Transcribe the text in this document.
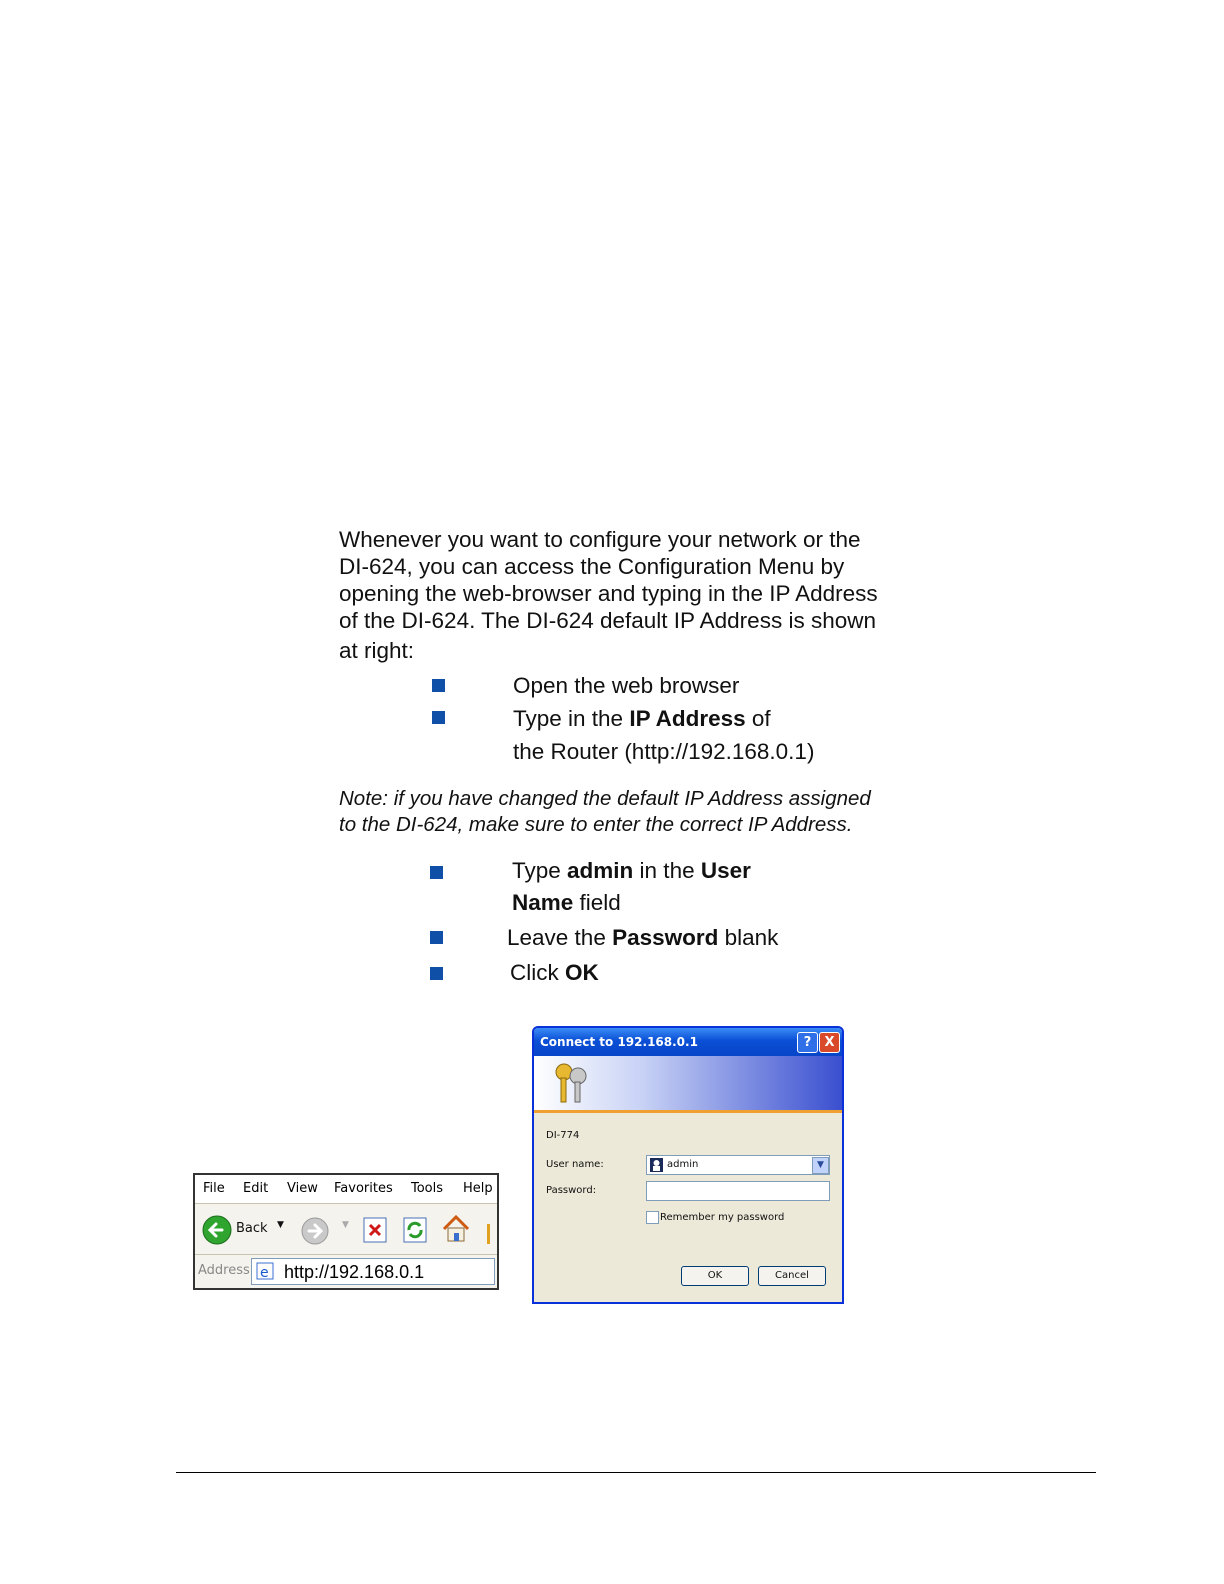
Whenever you want to configure your network or the
DI-624, you can access the Configuration Menu by
opening the web-browser and typing in the IP Address
of the DI-624. The DI-624 default IP Address is shown

at right:
Open the web browser
Type in the IP Address of
the Router (http://192.168.0.1)
Note: if you have changed the default IP Address assigned
to the DI-624, make sure to enter the correct IP Address.
Type admin in the User
Name field
Leave the Password blank
Click OK
File Edit View Favorites Tools Help
Back ▼	▼
Address e http://192.168.0.1
Connect to 192.168.0.1	?	X
DI-774
User name:	admin	▼
Password:
Remember my password
OK	Cancel
